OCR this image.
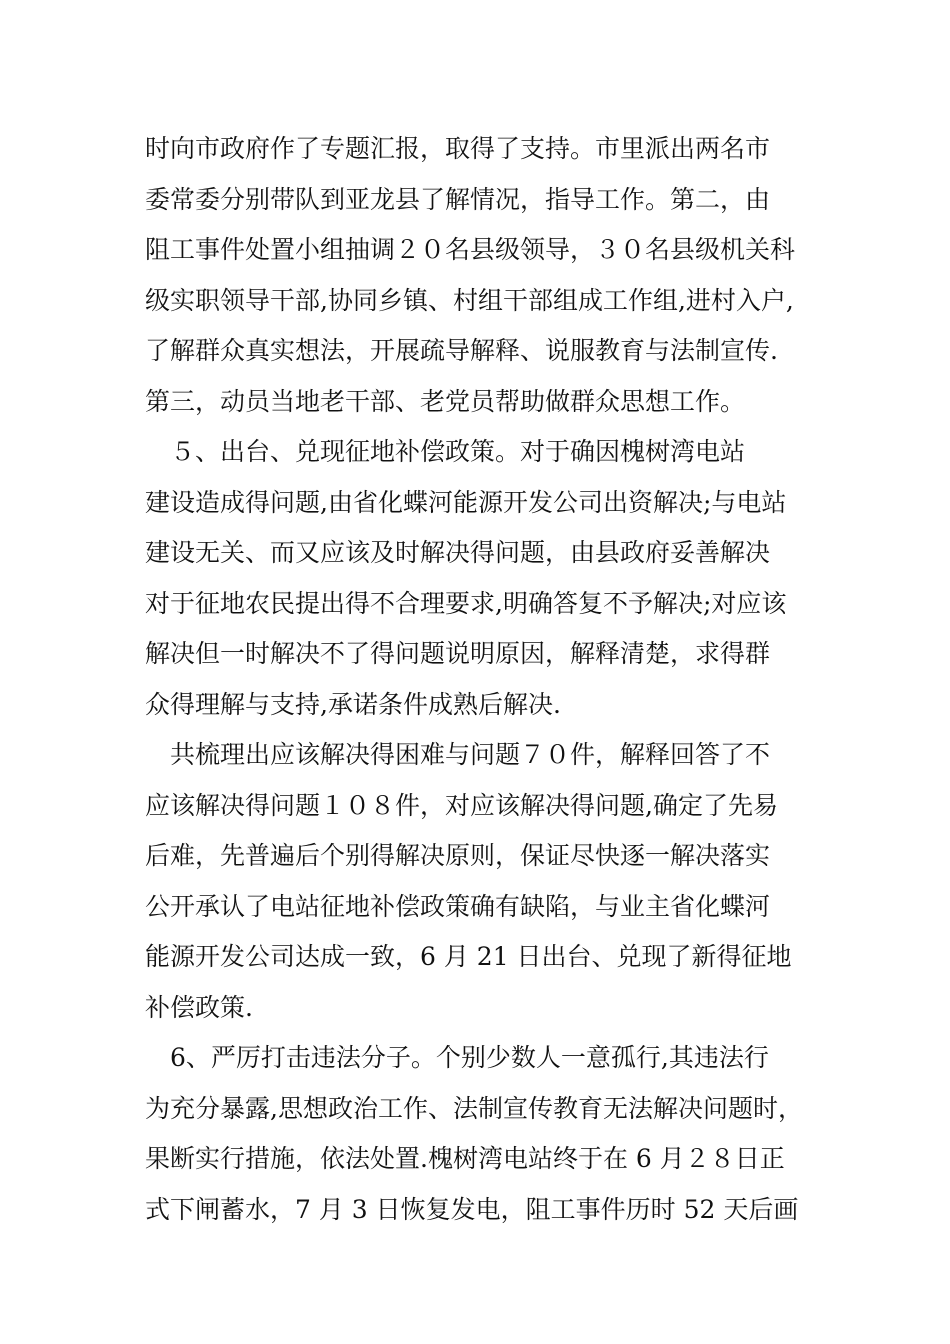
时向市政府作了专题汇报，取得了支持。市里派出两名市
委常委分别带队到亚龙县了解情况，指导工作。第二，由
阻工事件处置小组抽调２０名县级领导，３０名县级机关科
级实职领导干部,协同乡镇、村组干部组成工作组,进村入户,
了解群众真实想法，开展疏导解释、说服教育与法制宣传.
第三，动员当地老干部、老党员帮助做群众思想工作。
　５、出台、兑现征地补偿政策。对于确因槐树湾电站
建设造成得问题,由省化蝶河能源开发公司出资解决;与电站
建设无关、而又应该及时解决得问题，由县政府妥善解决
对于征地农民提出得不合理要求,明确答复不予解决;对应该
解决但一时解决不了得问题说明原因，解释清楚，求得群
众得理解与支持,承诺条件成熟后解决.
　共梳理出应该解决得困难与问题７０件，解释回答了不
应该解决得问题１０８件，对应该解决得问题,确定了先易
后难，先普遍后个别得解决原则，保证尽快逐一解决落实
公开承认了电站征地补偿政策确有缺陷，与业主省化蝶河
能源开发公司达成一致，6 月 21 日出台、兑现了新得征地
补偿政策.
　6、严厉打击违法分子。个别少数人一意孤行,其违法行
为充分暴露,思想政治工作、法制宣传教育无法解决问题时，
果断实行措施，依法处置.槐树湾电站终于在 6 月２８日正
式下闸蓄水，7 月 3 日恢复发电，阻工事件历时 52 天后画
